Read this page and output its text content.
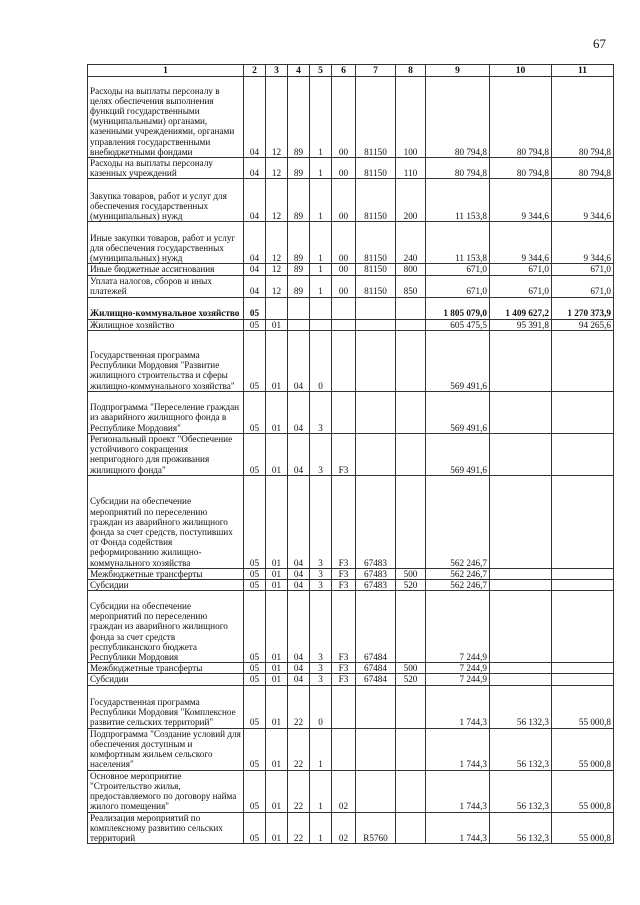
67
1	2	3	4	5	6	7	8	9	10	11
Расходы на выплаты персоналу в целях обеспечения выполнения функций государственными (муниципальными) органами, казенными учреждениями, органами управления государственными внебюджетными фондами	04	12	89	1	00	81150	100	80 794,8	80 794,8	80 794,8
Расходы на выплаты персоналу казенных учреждений	04	12	89	1	00	81150	110	80 794,8	80 794,8	80 794,8
Закупка товаров, работ и услуг для обеспечения государственных (муниципальных) нужд	04	12	89	1	00	81150	200	11 153,8	9 344,6	9 344,6
Иные закупки товаров, работ и услуг для обеспечения государственных (муниципальных) нужд	04	12	89	1	00	81150	240	11 153,8	9 344,6	9 344,6
Иные бюджетные ассигнования	04	12	89	1	00	81150	800	671,0	671,0	671,0
Уплата налогов, сборов и иных платежей	04	12	89	1	00	81150	850	671,0	671,0	671,0
Жилищно-коммунальное хозяйство	05							1 805 079,0	1 409 627,2	1 270 373,9
Жилищное хозяйство	05	01						605 475,5	95 391,8	94 265,6
Государственная программа Республики Мордовия "Развитие жилищного строительства и сферы жилищно-коммунального хозяйства"	05	01	04	0				569 491,6		
Подпрограмма "Переселение граждан из аварийного жилищного фонда в Республике Мордовия"	05	01	04	3				569 491,6		
Региональный проект "Обеспечение устойчивого сокращения непригодного для проживания жилищного фонда"	05	01	04	3	F3			569 491,6		
Субсидии на обеспечение мероприятий по переселению граждан из аварийного жилищного фонда за счет средств, поступивших от Фонда содействия реформированию жилищно-коммунального хозяйства	05	01	04	3	F3	67483		562 246,7		
Межбюджетные трансферты	05	01	04	3	F3	67483	500	562 246,7		
Субсидии	05	01	04	3	F3	67483	520	562 246,7		
Субсидии на обеспечение мероприятий по переселению граждан из аварийного жилищного фонда за счет средств республиканского бюджета Республики Мордовия	05	01	04	3	F3	67484		7 244,9		
Межбюджетные трансферты	05	01	04	3	F3	67484	500	7 244,9		
Субсидии	05	01	04	3	F3	67484	520	7 244,9		
Государственная программа Республики Мордовия "Комплексное развитие сельских территорий"	05	01	22	0				1 744,3	56 132,3	55 000,8
Подпрограмма "Создание условий для обеспечения доступным и комфортным жильем сельского населения"	05	01	22	1				1 744,3	56 132,3	55 000,8
Основное мероприятие "Строительство жилья, предоставляемого по договору найма жилого помещения"	05	01	22	1	02			1 744,3	56 132,3	55 000,8
Реализация мероприятий по комплексному развитию сельских территорий	05	01	22	1	02	R5760		1 744,3	56 132,3	55 000,8
